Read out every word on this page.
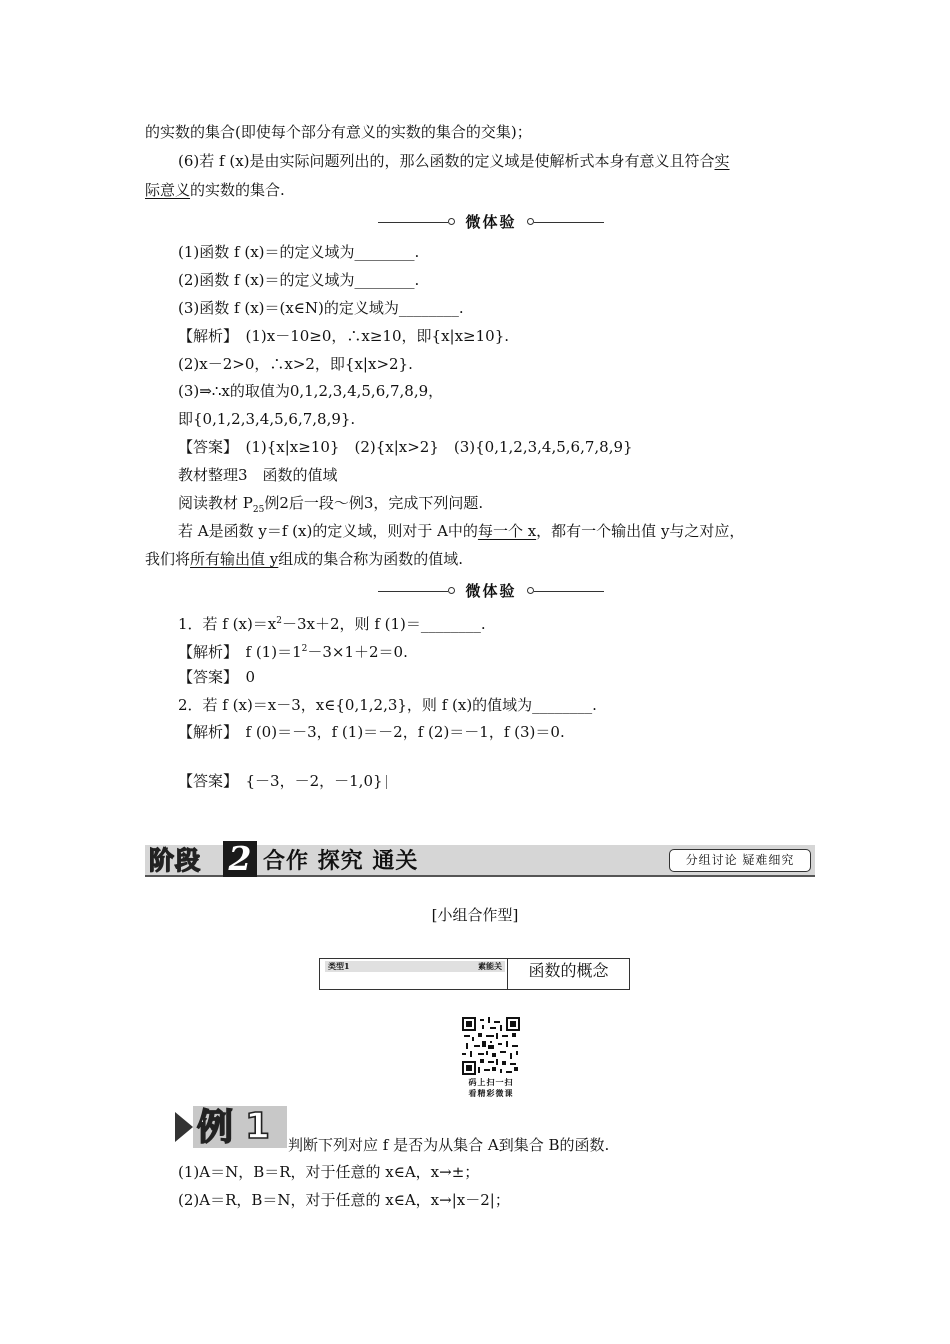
的实数的集合(即使每个部分有意义的实数的集合的交集)；
(6)若 f (x)是由实际问题列出的，那么函数的定义域是使解析式本身有意义且符合实
际意义的实数的集合.
微体验
(1)函数 f (x)＝的定义域为________.
(2)函数 f (x)＝的定义域为________.
(3)函数 f (x)＝(x∈N)的定义域为________.
【解析】　(1)x－10≥0，∴x≥10，即{x|x≥10}.
(2)x－2>0，∴x>2，即{x|x>2}.
(3)⇒∴x的取值为0,1,2,3,4,5,6,7,8,9，
即{0,1,2,3,4,5,6,7,8,9}.
【答案】　(1){x|x≥10}　(2){x|x>2}　(3){0,1,2,3,4,5,6,7,8,9}
教材整理3　函数的值域
阅读教材 $P_{25}$例2后一段～例3，完成下列问题.
若 A是函数 y＝f (x)的定义域，则对于 A中的每一个 x，都有一个输出值 y与之对应，
我们将所有输出值 y组成的集合称为函数的值域.
微体验
1．若 f $(x)=x^2-3x+2$，则 f (1)＝________.
【解析】　f $(1)=1^2-3\times 1+2=0$.
【答案】　0
2．若 f (x)＝x－3，x∈{0,1,2,3}，则 f (x)的值域为________.
【解析】　f (0)＝－3，f (1)＝－2，f (2)＝－1，f (3)＝0.
【答案】　{－3，－2，－1,0}
阶段 2 合作 探究 通关	分组讨论 疑难细究
[小组合作型]
类型1	素能关	函数的概念
码上扫一扫
看精彩微课
例 1 判断下列对应 f 是否为从集合 A到集合 B的函数.
(1)A＝N，B＝R，对于任意的 x∈A，x→±；
(2)A＝R，B＝N，对于任意的 x∈A，x→|x－2|；
